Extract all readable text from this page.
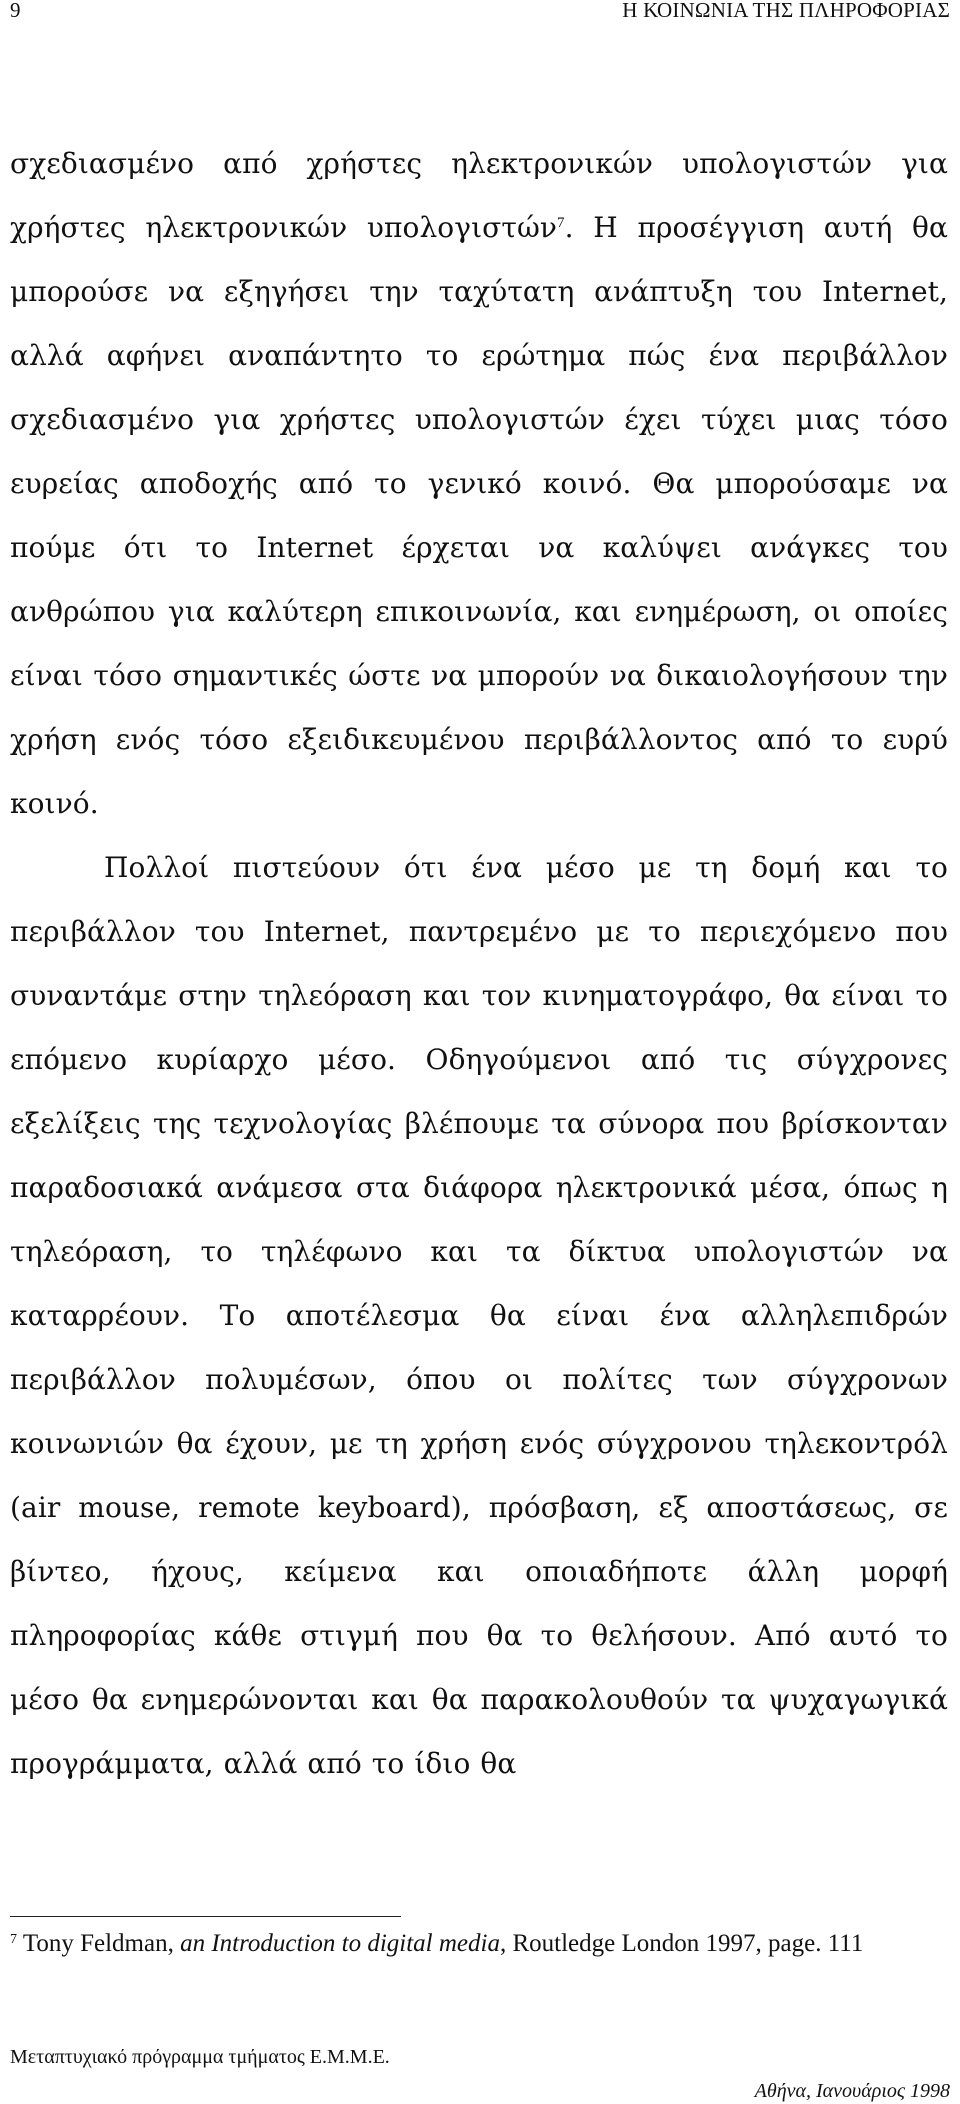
9	Η ΚΟΙΝΩΝΙΑ ΤΗΣ ΠΛΗΡΟΦΟΡΙΑΣ

σχεδιασμένο από χρήστες ηλεκτρονικών υπολογιστών για χρήστες ηλεκτρονικών υπολογιστών$^7$. Η προσέγγιση αυτή θα μπορούσε να εξηγήσει την ταχύτατη ανάπτυξη του Internet, αλλά αφήνει αναπάντητο το ερώτημα πώς ένα περιβάλλον σχεδιασμένο για χρήστες υπολογιστών έχει τύχει μιας τόσο ευρείας αποδοχής από το γενικό κοινό. Θα μπορούσαμε να πούμε ότι το Internet έρχεται να καλύψει ανάγκες του ανθρώπου για καλύτερη επικοινωνία, και ενημέρωση, οι οποίες είναι τόσο σημαντικές ώστε να μπορούν να δικαιολογήσουν την χρήση ενός τόσο εξειδικευμένου περιβάλλοντος από το ευρύ κοινό.

Πολλοί πιστεύουν ότι ένα μέσο με τη δομή και το περιβάλλον του Internet, παντρεμένο με το περιεχόμενο που συναντάμε στην τηλεόραση και τον κινηματογράφο, θα είναι το επόμενο κυρίαρχο μέσο. Οδηγούμενοι από τις σύγχρονες εξελίξεις της τεχνολογίας βλέπουμε τα σύνορα που βρίσκονταν παραδοσιακά ανάμεσα στα διάφορα ηλεκτρονικά μέσα, όπως η τηλεόραση, το τηλέφωνο και τα δίκτυα υπολογιστών να καταρρέουν. Το αποτέλεσμα θα είναι ένα αλληλεπιδρών περιβάλλον πολυμέσων, όπου οι πολίτες των σύγχρονων κοινωνιών θα έχουν, με τη χρήση ενός σύγχρονου τηλεκοντρόλ (air mouse, remote keyboard), πρόσβαση, εξ αποστάσεως, σε βίντεο, ήχους, κείμενα και οποιαδήποτε άλλη μορφή πληροφορίας κάθε στιγμή που θα το θελήσουν. Από αυτό το μέσο θα ενημερώνονται και θα παρακολουθούν τα ψυχαγωγικά προγράμματα, αλλά από το ίδιο θα

$^7$ Tony Feldman, an Introduction to digital media, Routledge London 1997, page. 111
Μεταπτυχιακό πρόγραμμα τμήματος Ε.Μ.Μ.Ε.
Αθήνα, Ιανουάριος 1998
